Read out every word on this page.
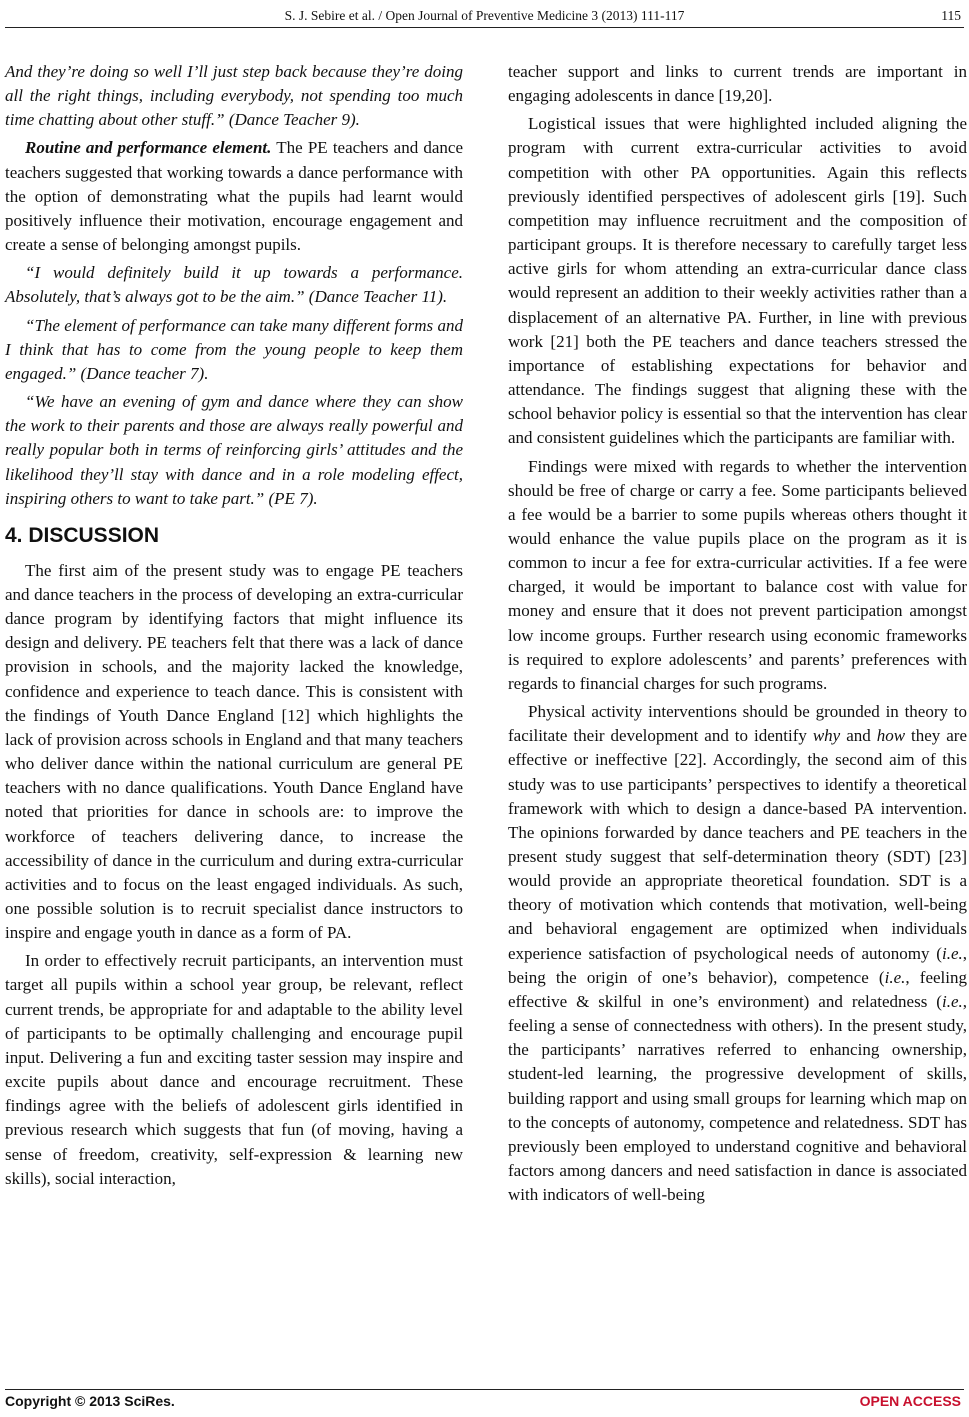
S. J. Sebire et al. / Open Journal of Preventive Medicine 3 (2013) 111-117	115

And they’re doing so well I’ll just step back because they’re doing all the right things, including everybody, not spending too much time chatting about other stuff.” (Dance Teacher 9).

Routine and performance element. The PE teachers and dance teachers suggested that working towards a dance performance with the option of demonstrating what the pupils had learnt would positively influence their motivation, encourage engagement and create a sense of belonging amongst pupils.

“I would definitely build it up towards a performance. Absolutely, that’s always got to be the aim.” (Dance Teacher 11).

“The element of performance can take many different forms and I think that has to come from the young people to keep them engaged.” (Dance teacher 7).

“We have an evening of gym and dance where they can show the work to their parents and those are always really powerful and really popular both in terms of reinforcing girls’ attitudes and the likelihood they’ll stay with dance and in a role modeling effect, inspiring others to want to take part.” (PE 7).

4. DISCUSSION

The first aim of the present study was to engage PE teachers and dance teachers in the process of developing an extra-curricular dance program by identifying factors that might influence its design and delivery. PE teachers felt that there was a lack of dance provision in schools, and the majority lacked the knowledge, confidence and experience to teach dance. This is consistent with the findings of Youth Dance England [12] which highlights the lack of provision across schools in England and that many teachers who deliver dance within the national curriculum are general PE teachers with no dance qualifications. Youth Dance England have noted that priorities for dance in schools are: to improve the workforce of teachers delivering dance, to increase the accessibility of dance in the curriculum and during extra-curricular activities and to focus on the least engaged individuals. As such, one possible solution is to recruit specialist dance instructors to inspire and engage youth in dance as a form of PA.

In order to effectively recruit participants, an intervention must target all pupils within a school year group, be relevant, reflect current trends, be appropriate for and adaptable to the ability level of participants to be optimally challenging and encourage pupil input. Delivering a fun and exciting taster session may inspire and excite pupils about dance and encourage recruitment. These findings agree with the beliefs of adolescent girls identified in previous research which suggests that fun (of moving, having a sense of freedom, creativity, self-expression & learning new skills), social interaction,

teacher support and links to current trends are important in engaging adolescents in dance [19,20].

Logistical issues that were highlighted included aligning the program with current extra-curricular activities to avoid competition with other PA opportunities. Again this reflects previously identified perspectives of adolescent girls [19]. Such competition may influence recruitment and the composition of participant groups. It is therefore necessary to carefully target less active girls for whom attending an extra-curricular dance class would represent an addition to their weekly activities rather than a displacement of an alternative PA. Further, in line with previous work [21] both the PE teachers and dance teachers stressed the importance of establishing expectations for behavior and attendance. The findings suggest that aligning these with the school behavior policy is essential so that the intervention has clear and consistent guidelines which the participants are familiar with.

Findings were mixed with regards to whether the intervention should be free of charge or carry a fee. Some participants believed a fee would be a barrier to some pupils whereas others thought it would enhance the value pupils place on the program as it is common to incur a fee for extra-curricular activities. If a fee were charged, it would be important to balance cost with value for money and ensure that it does not prevent participation amongst low income groups. Further research using economic frameworks is required to explore adolescents’ and parents’ preferences with regards to financial charges for such programs.

Physical activity interventions should be grounded in theory to facilitate their development and to identify why and how they are effective or ineffective [22]. Accordingly, the second aim of this study was to use participants’ perspectives to identify a theoretical framework with which to design a dance-based PA intervention. The opinions forwarded by dance teachers and PE teachers in the present study suggest that self-determination theory (SDT) [23] would provide an appropriate theoretical foundation. SDT is a theory of motivation which contends that motivation, well-being and behavioral engagement are optimized when individuals experience satisfaction of psychological needs of autonomy (i.e., being the origin of one’s behavior), competence (i.e., feeling effective & skilful in one’s environment) and relatedness (i.e., feeling a sense of connectedness with others). In the present study, the participants’ narratives referred to enhancing ownership, student-led learning, the progressive development of skills, building rapport and using small groups for learning which map on to the concepts of autonomy, competence and relatedness. SDT has previously been employed to understand cognitive and behavioral factors among dancers and need satisfaction in dance is associated with indicators of well-being

Copyright © 2013 SciRes.	OPEN ACCESS
